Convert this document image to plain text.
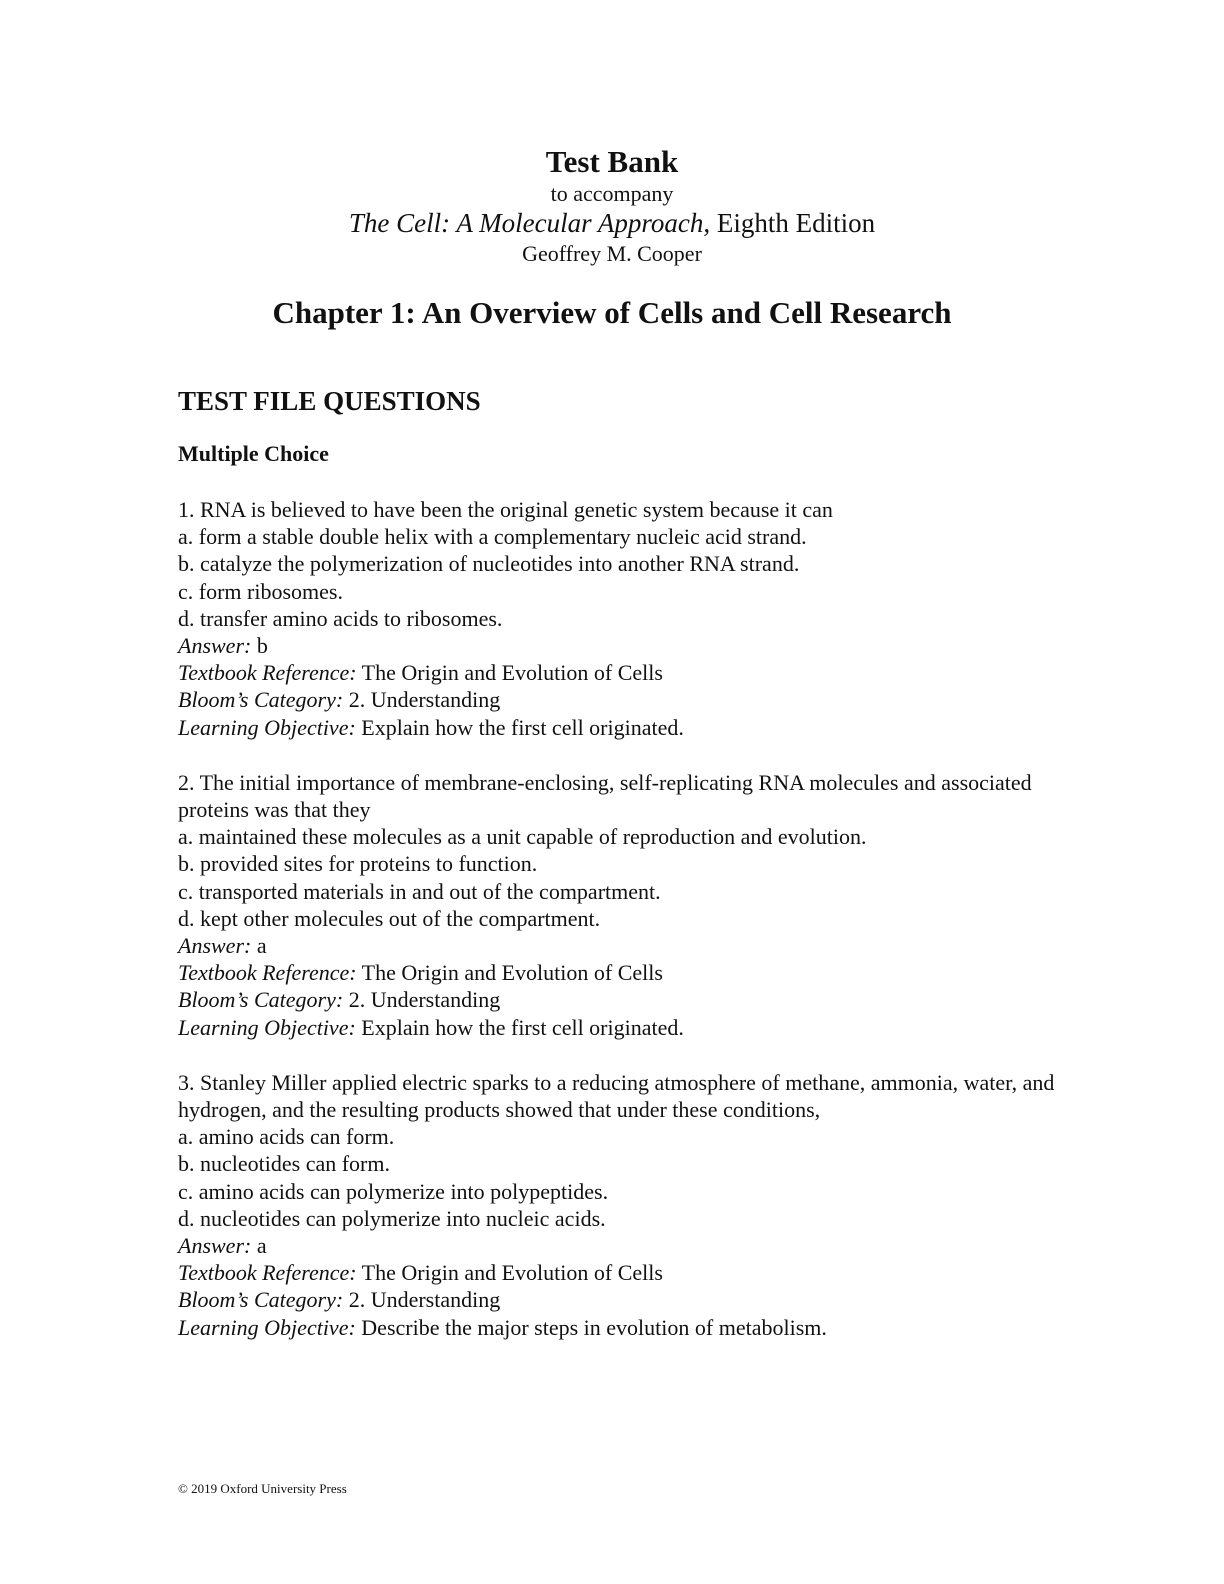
Test Bank
to accompany
The Cell: A Molecular Approach, Eighth Edition
Geoffrey M. Cooper
Chapter 1: An Overview of Cells and Cell Research
TEST FILE QUESTIONS
Multiple Choice
1. RNA is believed to have been the original genetic system because it can
a. form a stable double helix with a complementary nucleic acid strand.
b. catalyze the polymerization of nucleotides into another RNA strand.
c. form ribosomes.
d. transfer amino acids to ribosomes.
Answer: b
Textbook Reference: The Origin and Evolution of Cells
Bloom’s Category: 2. Understanding
Learning Objective: Explain how the first cell originated.
2. The initial importance of membrane-enclosing, self-replicating RNA molecules and associated proteins was that they
a. maintained these molecules as a unit capable of reproduction and evolution.
b. provided sites for proteins to function.
c. transported materials in and out of the compartment.
d. kept other molecules out of the compartment.
Answer: a
Textbook Reference: The Origin and Evolution of Cells
Bloom’s Category: 2. Understanding
Learning Objective: Explain how the first cell originated.
3. Stanley Miller applied electric sparks to a reducing atmosphere of methane, ammonia, water, and hydrogen, and the resulting products showed that under these conditions,
a. amino acids can form.
b. nucleotides can form.
c. amino acids can polymerize into polypeptides.
d. nucleotides can polymerize into nucleic acids.
Answer: a
Textbook Reference: The Origin and Evolution of Cells
Bloom’s Category: 2. Understanding
Learning Objective: Describe the major steps in evolution of metabolism.
© 2019 Oxford University Press
